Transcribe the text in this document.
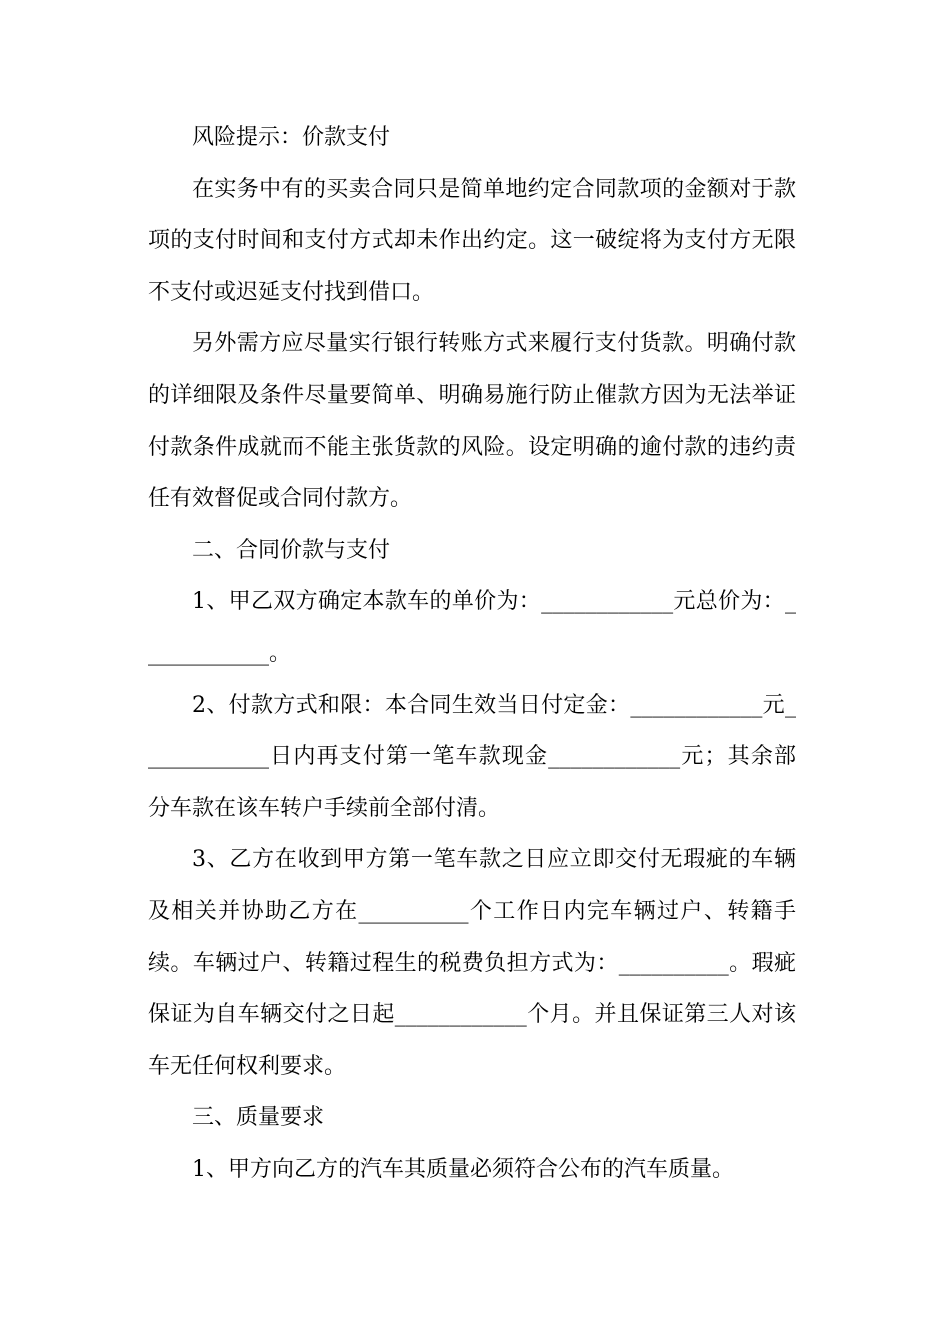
风险提示：价款支付

在实务中有的买卖合同只是简单地约定合同款项的金额对于款项的支付时间和支付方式却未作出约定。这一破绽将为支付方无限不支付或迟延支付找到借口。

另外需方应尽量实行银行转账方式来履行支付货款。明确付款的详细限及条件尽量要简单、明确易施行防止催款方因为无法举证付款条件成就而不能主张货款的风险。设定明确的逾付款的违约责任有效督促或合同付款方。

二、合同价款与支付

1、甲乙双方确定本款车的单价为：____________元总价为：____________。

2、付款方式和限：本合同生效当日付定金：____________元____________日内再支付第一笔车款现金____________元；其余部分车款在该车转户手续前全部付清。

3、乙方在收到甲方第一笔车款之日应立即交付无瑕疵的车辆及相关并协助乙方在__________个工作日内完车辆过户、转籍手续。车辆过户、转籍过程生的税费负担方式为：__________。瑕疵保证为自车辆交付之日起____________个月。并且保证第三人对该车无任何权利要求。

三、质量要求

1、甲方向乙方的汽车其质量必须符合公布的汽车质量。
